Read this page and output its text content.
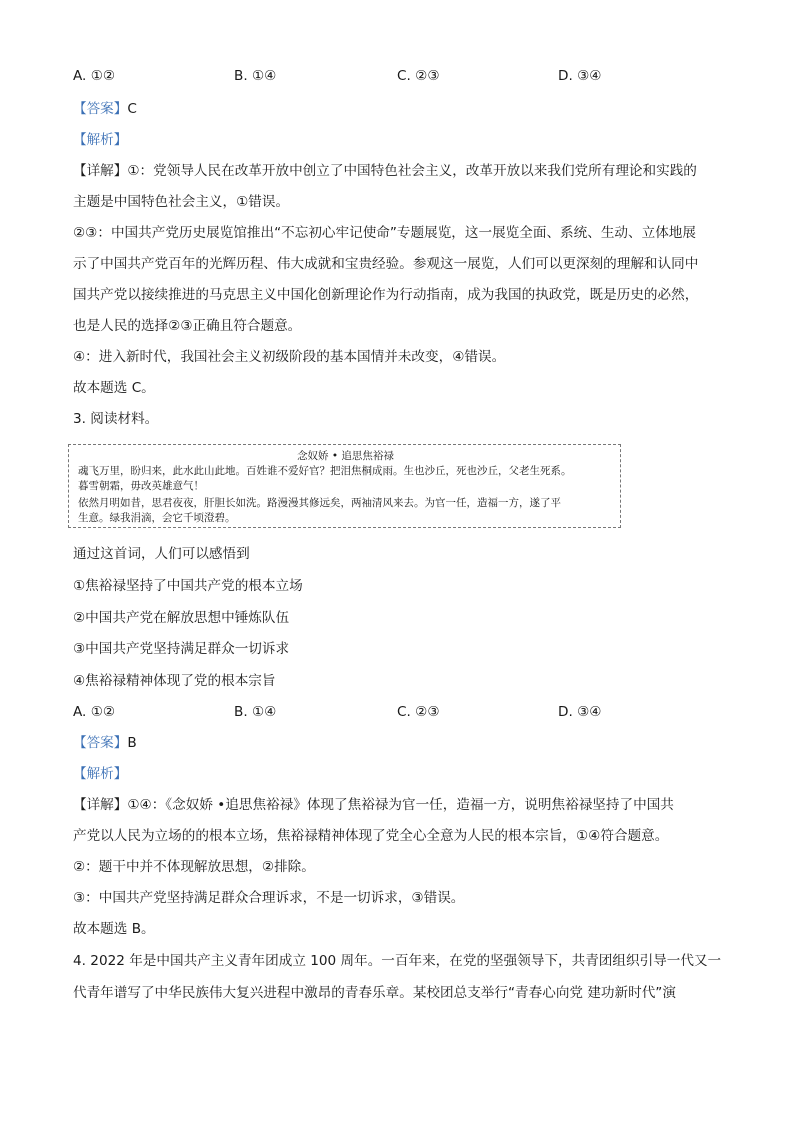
A. ①②	B. ①④	C. ②③	D. ③④
【答案】C
【解析】
【详解】①：党领导人民在改革开放中创立了中国特色社会主义，改革开放以来我们党所有理论和实践的
主题是中国特色社会主义，①错误。
②③：中国共产党历史展览馆推出“不忘初心牢记使命”专题展览，这一展览全面、系统、生动、立体地展
示了中国共产党百年的光辉历程、伟大成就和宝贵经验。参观这一展览，人们可以更深刻的理解和认同中
国共产党以接续推进的马克思主义中国化创新理论作为行动指南，成为我国的执政党，既是历史的必然，
也是人民的选择②③正确且符合题意。
④：进入新时代，我国社会主义初级阶段的基本国情并未改变，④错误。
故本题选 C。
3. 阅读材料。
念奴娇 • 追思焦裕禄
魂飞万里，盼归来，此水此山此地。百姓谁不爱好官？把泪焦桐成雨。生也沙丘，死也沙丘，父老生死系。
暮雪朝霜，毋改英雄意气！
依然月明如昔，思君夜夜，肝胆长如洗。路漫漫其修远矣，两袖清风来去。为官一任，造福一方，遂了平
生意。绿我涓滴，会它千顷澄碧。
通过这首词，人们可以感悟到
①焦裕禄坚持了中国共产党的根本立场
②中国共产党在解放思想中锤炼队伍
③中国共产党坚持满足群众一切诉求
④焦裕禄精神体现了党的根本宗旨
A. ①②	B. ①④	C. ②③	D. ③④
【答案】B
【解析】
【详解】①④：《念奴娇 •追思焦裕禄》体现了焦裕禄为官一任，造福一方，说明焦裕禄坚持了中国共
产党以人民为立场的的根本立场，焦裕禄精神体现了党全心全意为人民的根本宗旨，①④符合题意。
②：题干中并不体现解放思想，②排除。
③：中国共产党坚持满足群众合理诉求，不是一切诉求，③错误。
故本题选 B。
4. 2022 年是中国共产主义青年团成立 100 周年。一百年来，在党的坚强领导下，共青团组织引导一代又一
代青年谱写了中华民族伟大复兴进程中激昂的青春乐章。某校团总支举行“青春心向党 建功新时代”演
